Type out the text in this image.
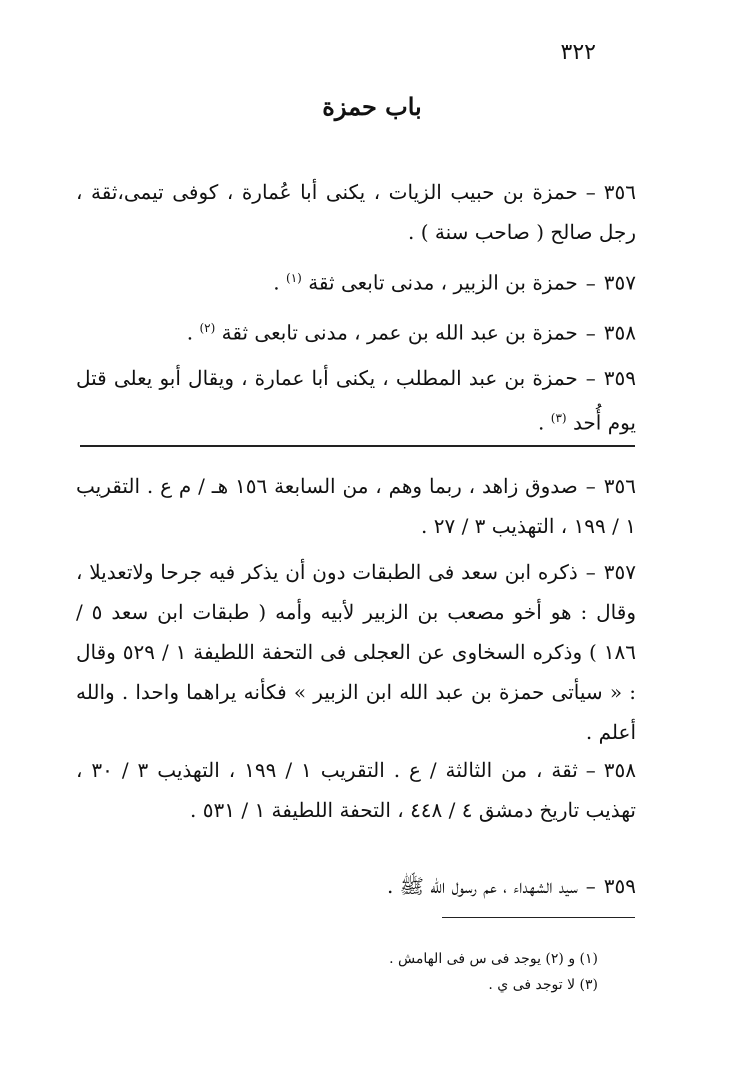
٣٢٢
باب حمزة
٣٥٦–حمزة بن حبيب الزيات ، يكنى أبا عُمارة ، كوفى تيمى،ثقة ، رجل صالح ( صاحب سنة ) .
٣٥٧–حمزة بن الزبير ، مدنى تابعى ثقة $^{(١)}$ .
٣٥٨–حمزة بن عبد الله بن عمر ، مدنى تابعى ثقة $^{(٢)}$ .
٣٥٩–حمزة بن عبد المطلب ، يكنى أبا عمارة ، ويقال أبو يعلى قتل يوم أُحد $^{(٣)}$ .
٣٥٦–صدوق زاهد ، ربما وهم ، من السابعة ١٥٦ هـ / م ع . التقريب ١ / ١٩٩ ، التهذيب ٣ / ٢٧ .
٣٥٧–ذكره ابن سعد فى الطبقات دون أن يذكر فيه جرحا ولاتعديلا ، وقال : هو أخو مصعب بن الزبير لأبيه وأمه ( طبقات ابن سعد ٥ / ١٨٦ ) وذكره السخاوى عن العجلى فى التحفة اللطيفة ١ / ٥٢٩ وقال : « سيأتى حمزة بن عبد الله ابن الزبير » فكأنه يراهما واحدا . والله أعلم .
٣٥٨–ثقة ، من الثالثة / ع . التقريب ١ / ١٩٩ ، التهذيب ٣ / ٣٠ ، تهذيب تاريخ دمشق ٤ / ٤٤٨ ، التحفة اللطيفة ١ / ٥٣١ .
٣٥٩–سيد الشهداء ، عم رسول الله ﷺ .
(١) و (٢) يوجد فى س فى الهامش .
(٣) لا توجد فى ي .
